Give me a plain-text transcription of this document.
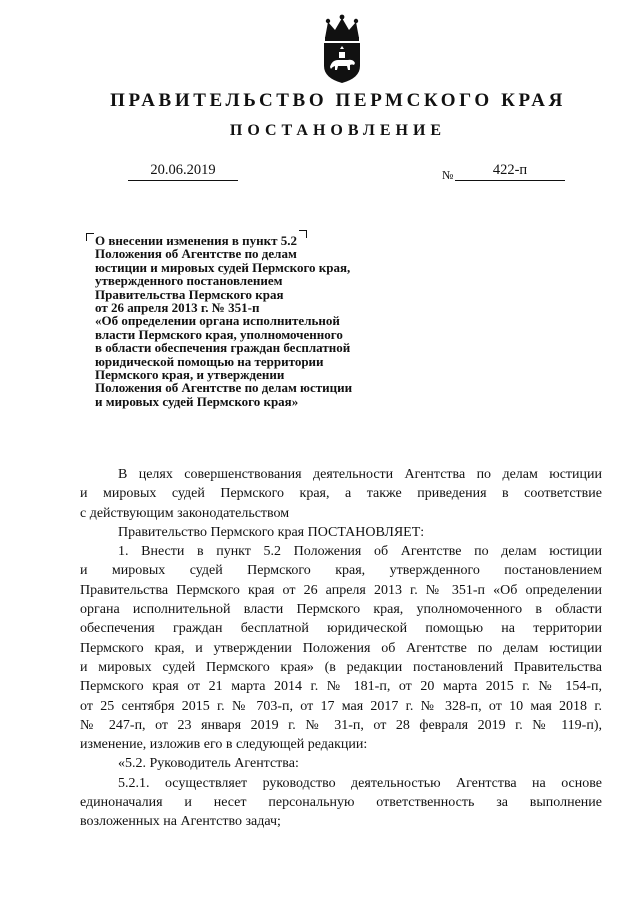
ПРАВИТЕЛЬСТВО ПЕРМСКОГО КРАЯ
ПОСТАНОВЛЕНИЕ
20.06.2019	№	422-п
О внесении изменения в пункт 5.2
Положения об Агентстве по делам
юстиции и мировых судей Пермского края,
утвержденного постановлением
Правительства Пермского края
от 26 апреля 2013 г. № 351-п
«Об определении органа исполнительной
власти Пермского края, уполномоченного
в области обеспечения граждан бесплатной
юридической помощью на территории
Пермского края, и утверждении
Положения об Агентстве по делам юстиции
и мировых судей Пермского края»
В целях совершенствования деятельности Агентства по делам юстиции
и мировых судей Пермского края, а также приведения в соответствие
с действующим законодательством
Правительство Пермского края ПОСТАНОВЛЯЕТ:
1. Внести в пункт 5.2 Положения об Агентстве по делам юстиции
и мировых судей Пермского края, утвержденного постановлением
Правительства Пермского края от 26 апреля 2013 г. № 351-п «Об определении
органа исполнительной власти Пермского края, уполномоченного в области
обеспечения граждан бесплатной юридической помощью на территории
Пермского края, и утверждении Положения об Агентстве по делам юстиции
и мировых судей Пермского края» (в редакции постановлений Правительства
Пермского края от 21 марта 2014 г. № 181-п, от 20 марта 2015 г. № 154-п,
от 25 сентября 2015 г. № 703-п, от 17 мая 2017 г. № 328-п, от 10 мая 2018 г.
№ 247-п, от 23 января 2019 г. № 31-п, от 28 февраля 2019 г. № 119-п),
изменение, изложив его в следующей редакции:
«5.2. Руководитель Агентства:
5.2.1. осуществляет руководство деятельностью Агентства на основе
единоначалия и несет персональную ответственность за выполнение
возложенных на Агентство задач;
